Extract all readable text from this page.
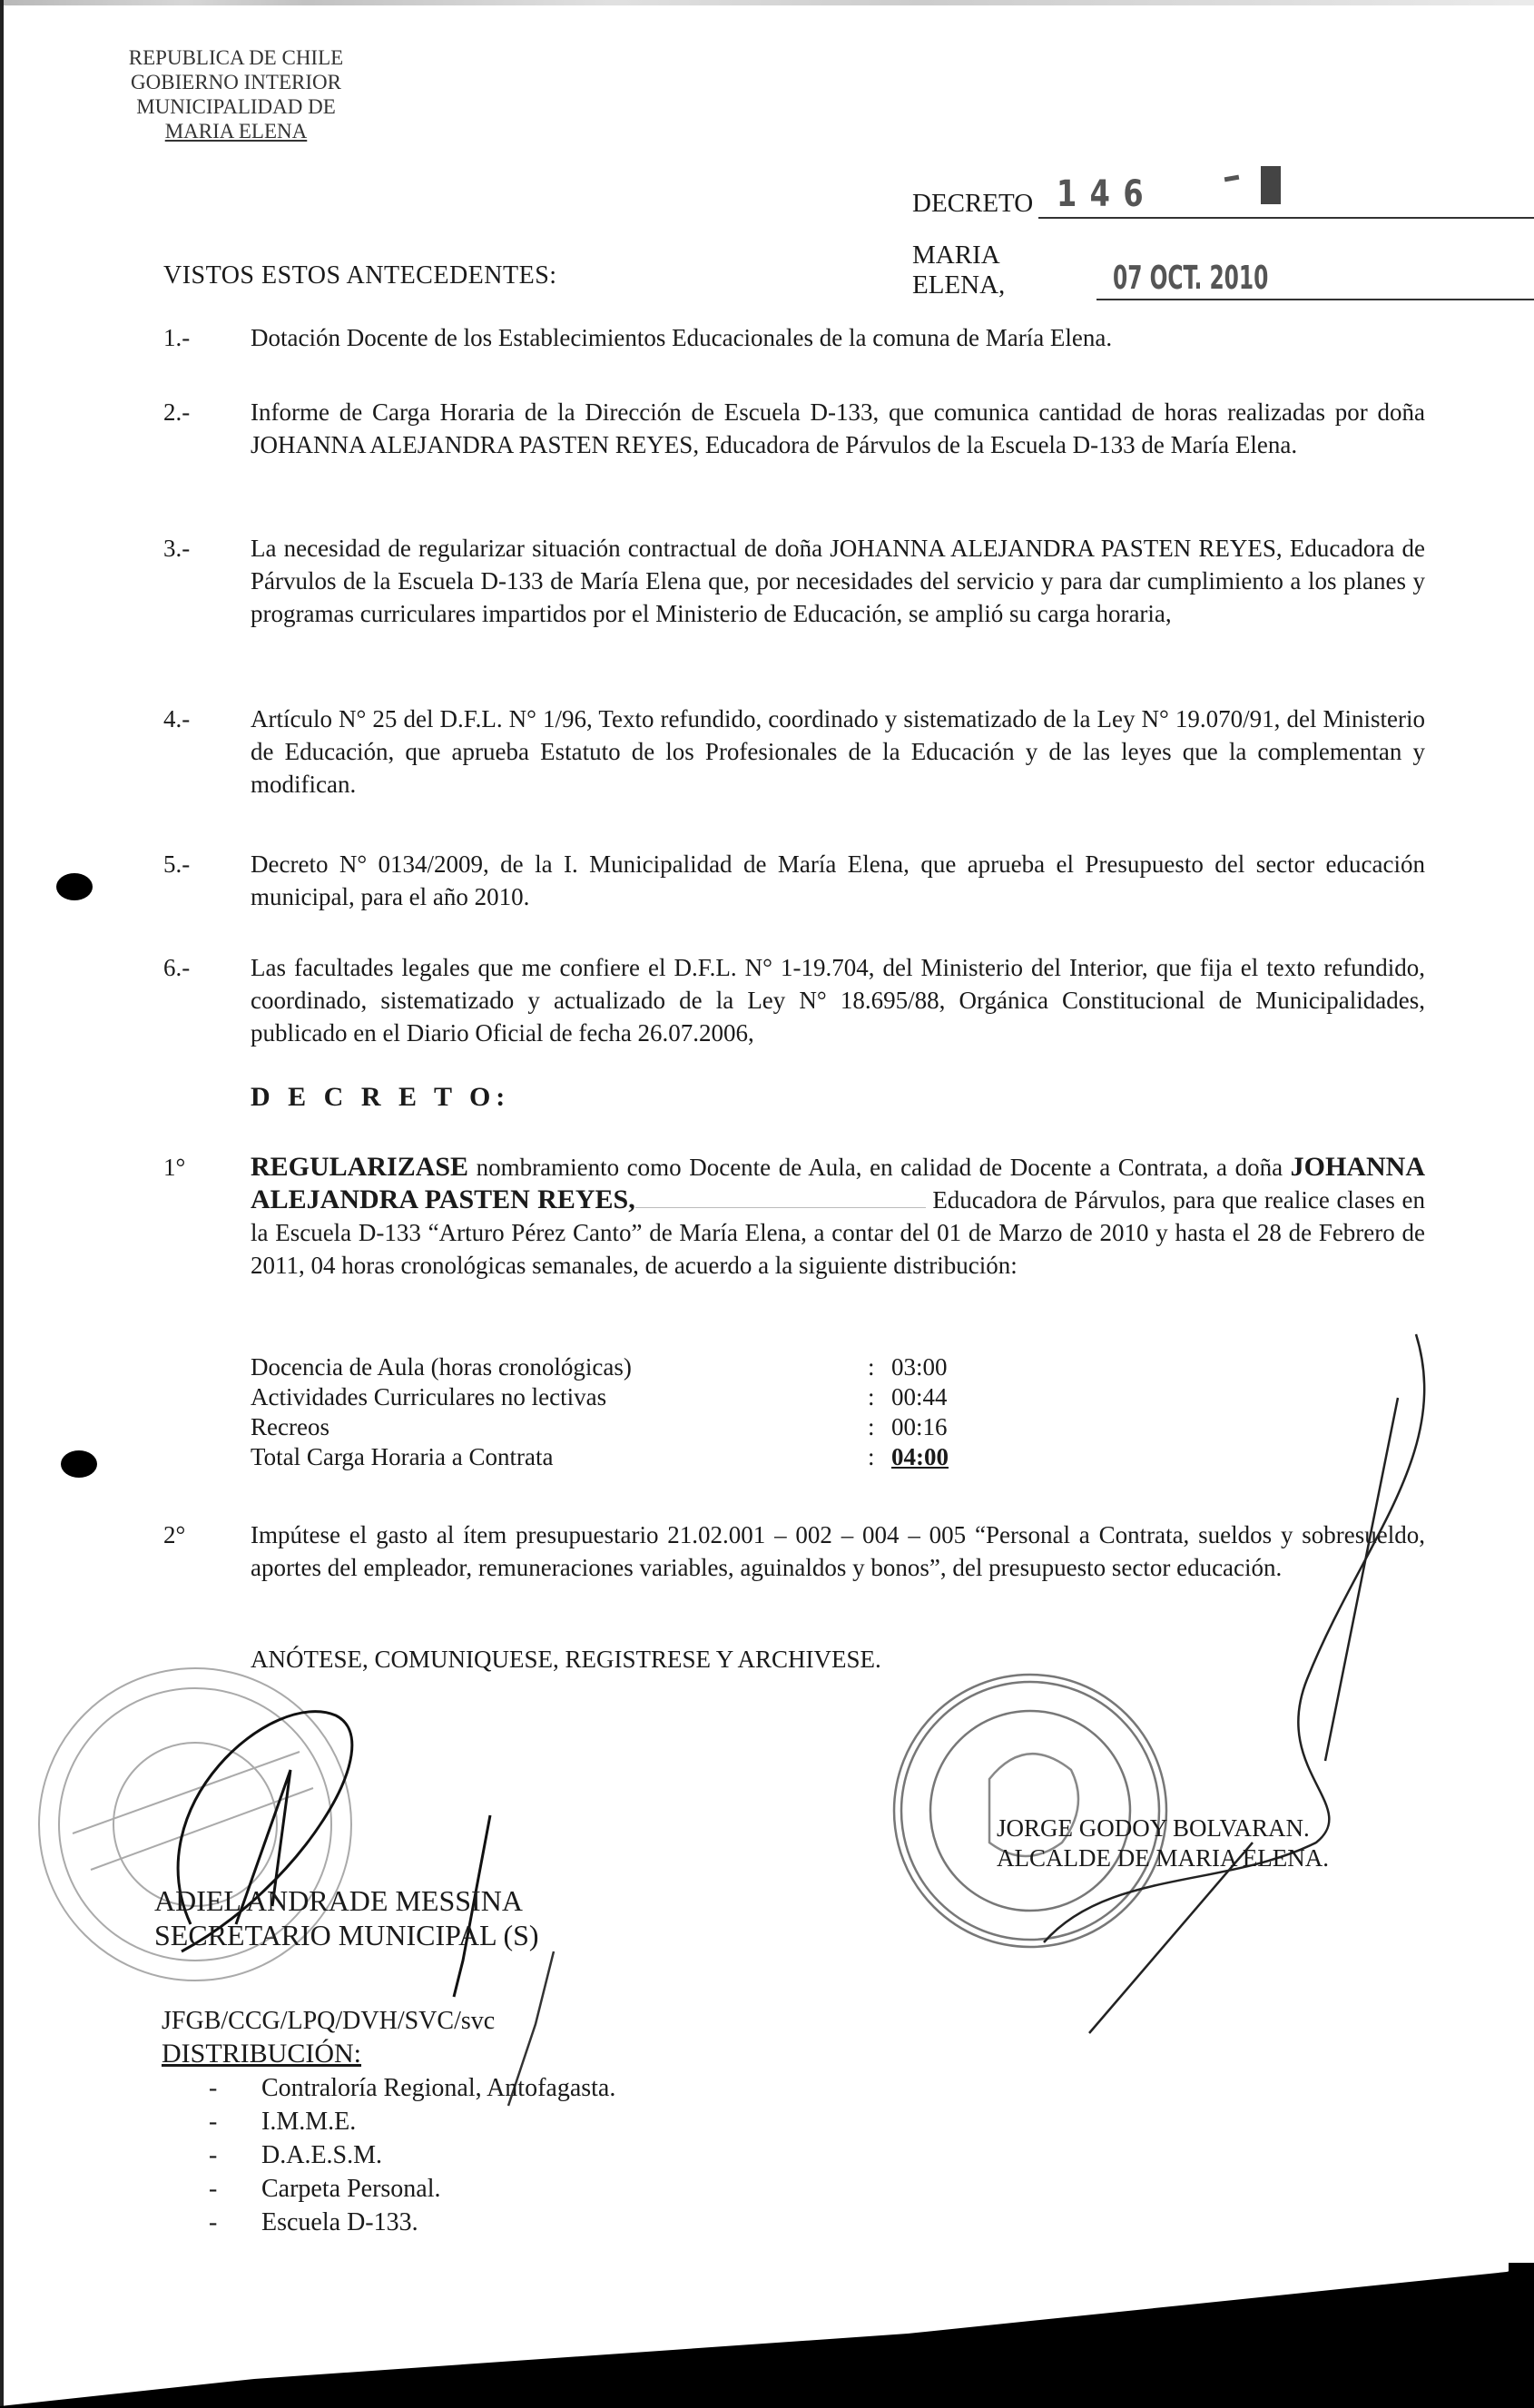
REPUBLICA DE CHILE
GOBIERNO INTERIOR
MUNICIPALIDAD DE
MARIA ELENA
DECRETO 146
MARIA ELENA,	07 OCT. 2010
VISTOS ESTOS ANTECEDENTES:
1.-	Dotación Docente de los Establecimientos Educacionales de la comuna de María Elena.
2.-	Informe de Carga Horaria de la Dirección de Escuela D-133, que comunica cantidad de horas realizadas por doña JOHANNA ALEJANDRA PASTEN REYES, Educadora de Párvulos de la Escuela D-133 de María Elena.
3.-	La necesidad de regularizar situación contractual de doña JOHANNA ALEJANDRA PASTEN REYES, Educadora de Párvulos de la Escuela D-133 de María Elena que, por necesidades del servicio y para dar cumplimiento a los planes y programas curriculares impartidos por el Ministerio de Educación, se amplió su carga horaria,
4.-	Artículo N° 25 del D.F.L. N° 1/96, Texto refundido, coordinado y sistematizado de la Ley N° 19.070/91, del Ministerio de Educación, que aprueba Estatuto de los Profesionales de la Educación y de las leyes que la complementan y modifican.
5.-	Decreto N° 0134/2009, de la I. Municipalidad de María Elena, que aprueba el Presupuesto del sector educación municipal, para el año 2010.
6.-	Las facultades legales que me confiere el D.F.L. N° 1-19.704, del Ministerio del Interior, que fija el texto refundido, coordinado, sistematizado y actualizado de la Ley N° 18.695/88, Orgánica Constitucional de Municipalidades, publicado en el Diario Oficial de fecha 26.07.2006,
D E C R E T O:
1° REGULARIZASE nombramiento como Docente de Aula, en calidad de Docente a Contrata, a doña JOHANNA ALEJANDRA PASTEN REYES,	Educadora de Párvulos, para que realice clases en la Escuela D-133 “Arturo Pérez Canto” de María Elena, a contar del 01 de Marzo de 2010 y hasta el 28 de Febrero de 2011, 04 horas cronológicas semanales, de acuerdo a la siguiente distribución:
Docencia de Aula (horas cronológicas)	: 03:00
Actividades Curriculares no lectivas	: 00:44
Recreos	: 00:16
Total Carga Horaria a Contrata	: 04:00
2°	Impútese el gasto al ítem presupuestario 21.02.001 – 002 – 004 – 005 “Personal a Contrata, sueldos y sobresueldo, aportes del empleador, remuneraciones variables, aguinaldos y bonos”, del presupuesto sector educación.
ANÓTESE, COMUNIQUESE, REGISTRESE Y ARCHIVESE.
ADIEL ANDRADE MESSINA
SECRETARIO MUNICIPAL (S)
JORGE GODOY BOLVARAN.
ALCALDE DE MARIA ELENA.
JFGB/CCG/LPQ/DVH/SVC/svc
DISTRIBUCIÓN:
-	Contraloría Regional, Antofagasta.
-	I.M.M.E.
-	D.A.E.S.M.
-	Carpeta Personal.
-	Escuela D-133.
